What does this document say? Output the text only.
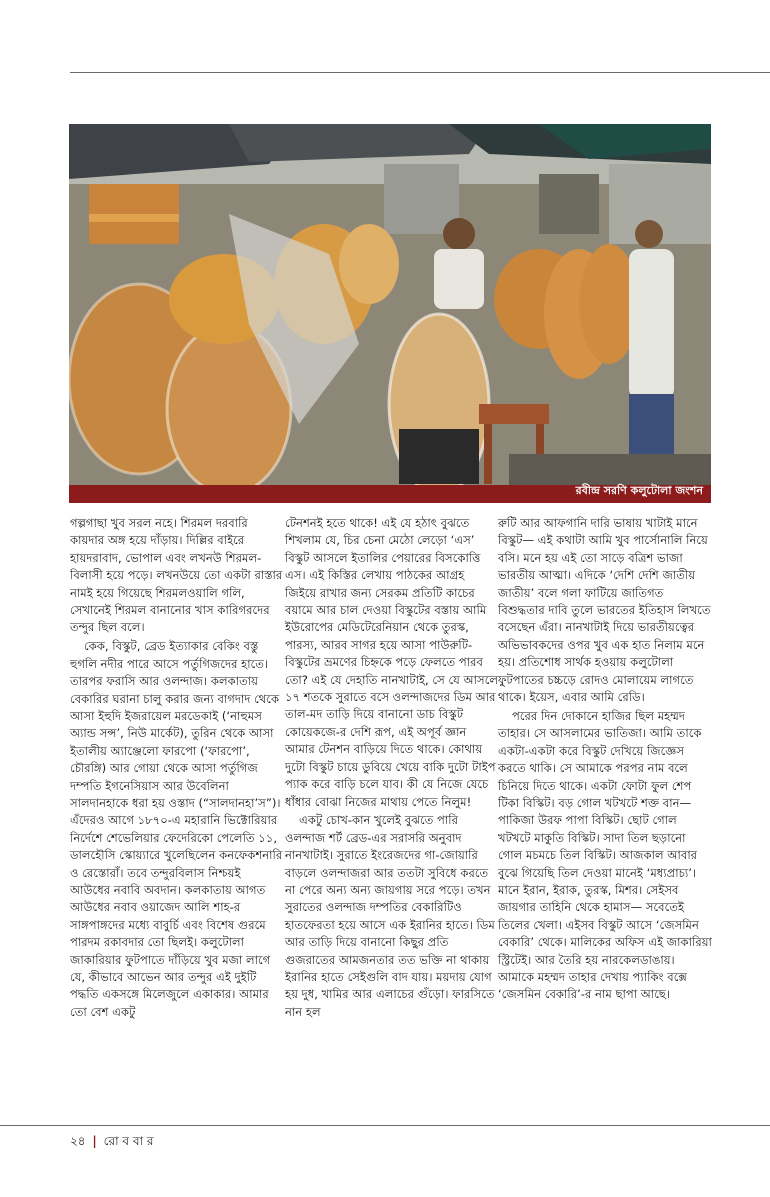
রবীন্দ্র সরণি কলুটোলা জংশন

গল্পগাছা খুব সরল নহে। শিরমল দরবারি কায়দার অঙ্গ হয়ে দাঁড়ায়। দিল্লির বাইরে হায়দরাবাদ, ভোপাল এবং লখনউ শিরমল-বিলাসী হয়ে পড়ে। লখনউয়ে তো একটা রাস্তার নামই হয়ে গিয়েছে শিরমলওয়ালি গলি, সেখানেই শিরমল বানানোর খাস কারিগরদের তন্দুর ছিল বলে।

কেক, বিস্কুট, ব্রেড ইত্যাকার বেকিং বস্তু হুগলি নদীর পারে আসে পর্তুগিজদের হাতে। তারপর ফরাসি আর ওলন্দাজ। কলকাতায় বেকারির ঘরানা চালু করার জন্য বাগদাদ থেকে আসা ইহুদি ইজরায়েল মরডেকাই (‘নাহুমস অ্যান্ড সন্স’, নিউ মার্কেট), তুরিন থেকে আসা ইতালীয় অ্যাঞ্জেলো ফারপো (‘ফারপো’, চৌরঙ্গি) আর গোয়া থেকে আসা পর্তুগিজ দম্পতি ইগনেসিয়াস আর উবেলিনা সালদানহাকে ধরা হয় ওস্তাদ (“সালদানহা’স”)। এঁদেরও আগে ১৮৭০-এ মহারানি ভিক্টোরিয়ার নির্দেশে শেভেলিয়ার ফেদেরিকো পেলেতি ১১, ডালহৌসি স্কোয়্যারে খুলেছিলেন কনফেকশনারি ও রেস্তোরাঁ। তবে তন্দুরবিলাস নিশ্চয়ই আউধের নবাবি অবদান। কলকাতায় আগত আউধের নবাব ওয়াজেদ আলি শাহ-র সাঙ্গপাঙ্গদের মধ্যে বাবুর্চি এবং বিশেষ গুরমে পারদম রকাবদার তো ছিলই। কলুটোলা জাকারিয়ার ফুটপাতে দাঁড়িয়ে খুব মজা লাগে যে, কীভাবে আভেন আর তন্দুর এই দুইটি পদ্ধতি একসঙ্গে মিলেজুলে একাকার। আমার তো বেশ একটু

টেনশনই হতে থাকে! এই যে হঠাৎ বুঝতে শিখলাম যে, চির চেনা মেঠো লেড়ো ‘এস’ বিস্কুট আসলে ইতালির পেয়ারের বিসকোত্তি এস। এই কিস্তির লেখায় পাঠকের আগ্রহ জিইয়ে রাখার জন্য সেরকম প্রতিটি কাচের বয়ামে আর চাল দেওয়া বিস্কুটের বস্তায় আমি ইউরোপের মেডিটেরেনিয়ান থেকে তুরস্ক, পারস্য, আরব সাগর হয়ে আসা পাউরুটি-বিস্কুটের ভ্রমণের চিহ্নকে পড়ে ফেলতে পারব তো? এই যে দেহাতি নানখাটাই, সে যে আসলে ১৭ শতকে সুরাতে বসে ওলন্দাজদের ডিম আর তাল-মদ তাড়ি দিয়ে বানানো ডাচ বিস্কুট কোয়েকজে-র দেশি রূপ, এই অপূর্ব জ্ঞান আমার টেনশন বাড়িয়ে দিতে থাকে। কোথায় দুটো বিস্কুট চায়ে ডুবিয়ে খেয়ে বাকি দুটো টাইপ প্যাক করে বাড়ি চলে যাব। কী যে নিজে যেচে ধাঁধার বোঝা নিজের মাথায় পেতে নিলুম!

একটু চোখ-কান খুলেই বুঝতে পারি ওলন্দাজ শর্ট ব্রেড-এর সরাসরি অনুবাদ নানখাটাই। সুরাতে ইংরেজদের গা-জোয়ারি বাড়লে ওলন্দাজরা আর ততটা সুবিধে করতে না পেরে অন্য অন্য জায়গায় সরে পড়ে। তখন সুরাতের ওলন্দাজ দম্পতির বেকারিটিও হাতফেরতা হয়ে আসে এক ইরানির হাতে। ডিম আর তাড়ি দিয়ে বানানো কিছুর প্রতি গুজরাতের আমজনতার তত ভক্তি না থাকায় ইরানির হাতে সেইগুলি বাদ যায়। ময়দায় যোগ হয় দুধ, খামির আর এলাচের গুঁড়ো। ফারসিতে নান হল

রুটি আর আফগানি দারি ভাষায় খাটাই মানে বিস্কুট— এই কথাটা আমি খুব পার্সোনালি নিয়ে বসি। মনে হয় এই তো সাড়ে বত্রিশ ভাজা ভারতীয় আত্মা। এদিকে ‘দেশি দেশি জাতীয় জাতীয়’ বলে গলা ফাটিয়ে জাতিগত বিশুদ্ধতার দাবি তুলে ভারতের ইতিহাস লিখতে বসেছেন এঁরা। নানখাটাই দিয়ে ভারতীয়ত্বের অভিভাবকদের ওপর খুব এক হাত নিলাম মনে হয়। প্রতিশোধ সার্থক হওয়ায় কলুটোলা ফুটপাতের চচ্চড়ে রোদও মোলায়েম লাগতে থাকে। ইয়েস, এবার আমি রেডি।

পরের দিন দোকানে হাজির ছিল মহম্মদ তাহার। সে আসলামের ভাতিজা। আমি তাকে একটা-একটা করে বিস্কুট দেখিয়ে জিজ্ঞেস করতে থাকি। সে আমাকে পরপর নাম বলে চিনিয়ে দিতে থাকে। একটা ফোটা ফুল শেপ টিকা বিস্কিট। বড় গোল খটখটে শক্ত বান— পাকিজা উরফ পাপা বিস্কিট। ছোট গোল খটখটে মাকুতি বিস্কিট। সাদা তিল ছড়ানো গোল মচমচে তিল বিস্কিট। আজকাল আবার বুঝে গিয়েছি তিল দেওয়া মানেই ‘মধ্যপ্রাচ্য’। মানে ইরান, ইরাক, তুরস্ক, মিশর। সেইসব জায়গার তাহিনি থেকে হামাস— সবেতেই তিলের খেলা। এইসব বিস্কুট আসে ‘জেসমিন বেকারি’ থেকে। মালিকের অফিস এই জাকারিয়া স্ট্রিটেই। আর তৈরি হয় নারকেলডাঙায়। আমাকে মহম্মদ তাহার দেখায় প্যাকিং বক্সে ‘জেসমিন বেকারি’-র নাম ছাপা আছে।

২৪ | রো ব বা র
